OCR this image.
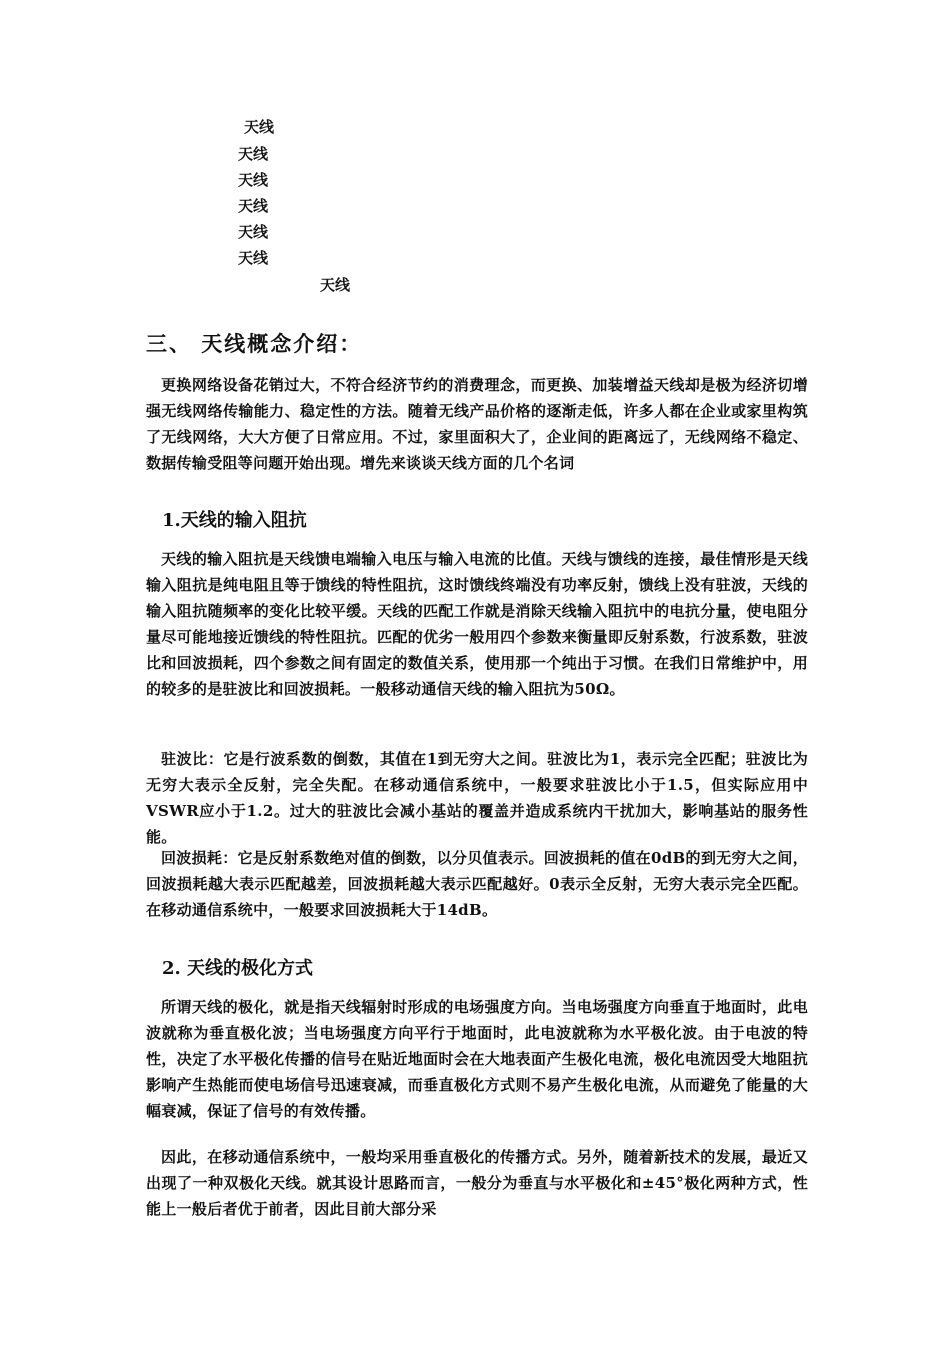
天线
天线
天线
天线
天线
天线
天线
三、 天线概念介绍：

更换网络设备花销过大，不符合经济节约的消费理念，而更换、加装增益天线却是极为经济切增强无线网络传输能力、稳定性的方法。随着无线产品价格的逐渐走低，许多人都在企业或家里构筑了无线网络，大大方便了日常应用。不过，家里面积大了，企业间的距离远了，无线网络不稳定、数据传输受阻等问题开始出现。增先来谈谈天线方面的几个名词

1.天线的输入阻抗

天线的输入阻抗是天线馈电端输入电压与输入电流的比值。天线与馈线的连接，最佳情形是天线输入阻抗是纯电阻且等于馈线的特性阻抗，这时馈线终端没有功率反射，馈线上没有驻波，天线的输入阻抗随频率的变化比较平缓。天线的匹配工作就是消除天线输入阻抗中的电抗分量，使电阻分量尽可能地接近馈线的特性阻抗。匹配的优劣一般用四个参数来衡量即反射系数，行波系数，驻波比和回波损耗，四个参数之间有固定的数值关系，使用那一个纯出于习惯。在我们日常维护中，用的较多的是驻波比和回波损耗。一般移动通信天线的输入阻抗为50Ω。

驻波比：它是行波系数的倒数，其值在1到无穷大之间。驻波比为1，表示完全匹配；驻波比为无穷大表示全反射，完全失配。在移动通信系统中，一般要求驻波比小于1.5，但实际应用中VSWR应小于1.2。过大的驻波比会减小基站的覆盖并造成系统内干扰加大，影响基站的服务性能。

回波损耗：它是反射系数绝对值的倒数，以分贝值表示。回波损耗的值在0dB的到无穷大之间，回波损耗越大表示匹配越差，回波损耗越大表示匹配越好。0表示全反射，无穷大表示完全匹配。在移动通信系统中，一般要求回波损耗大于14dB。

2. 天线的极化方式

所谓天线的极化，就是指天线辐射时形成的电场强度方向。当电场强度方向垂直于地面时，此电波就称为垂直极化波；当电场强度方向平行于地面时，此电波就称为水平极化波。由于电波的特性，决定了水平极化传播的信号在贴近地面时会在大地表面产生极化电流，极化电流因受大地阻抗影响产生热能而使电场信号迅速衰减，而垂直极化方式则不易产生极化电流，从而避免了能量的大幅衰减，保证了信号的有效传播。

因此，在移动通信系统中，一般均采用垂直极化的传播方式。另外，随着新技术的发展，最近又出现了一种双极化天线。就其设计思路而言，一般分为垂直与水平极化和±45°极化两种方式，性能上一般后者优于前者，因此目前大部分采
